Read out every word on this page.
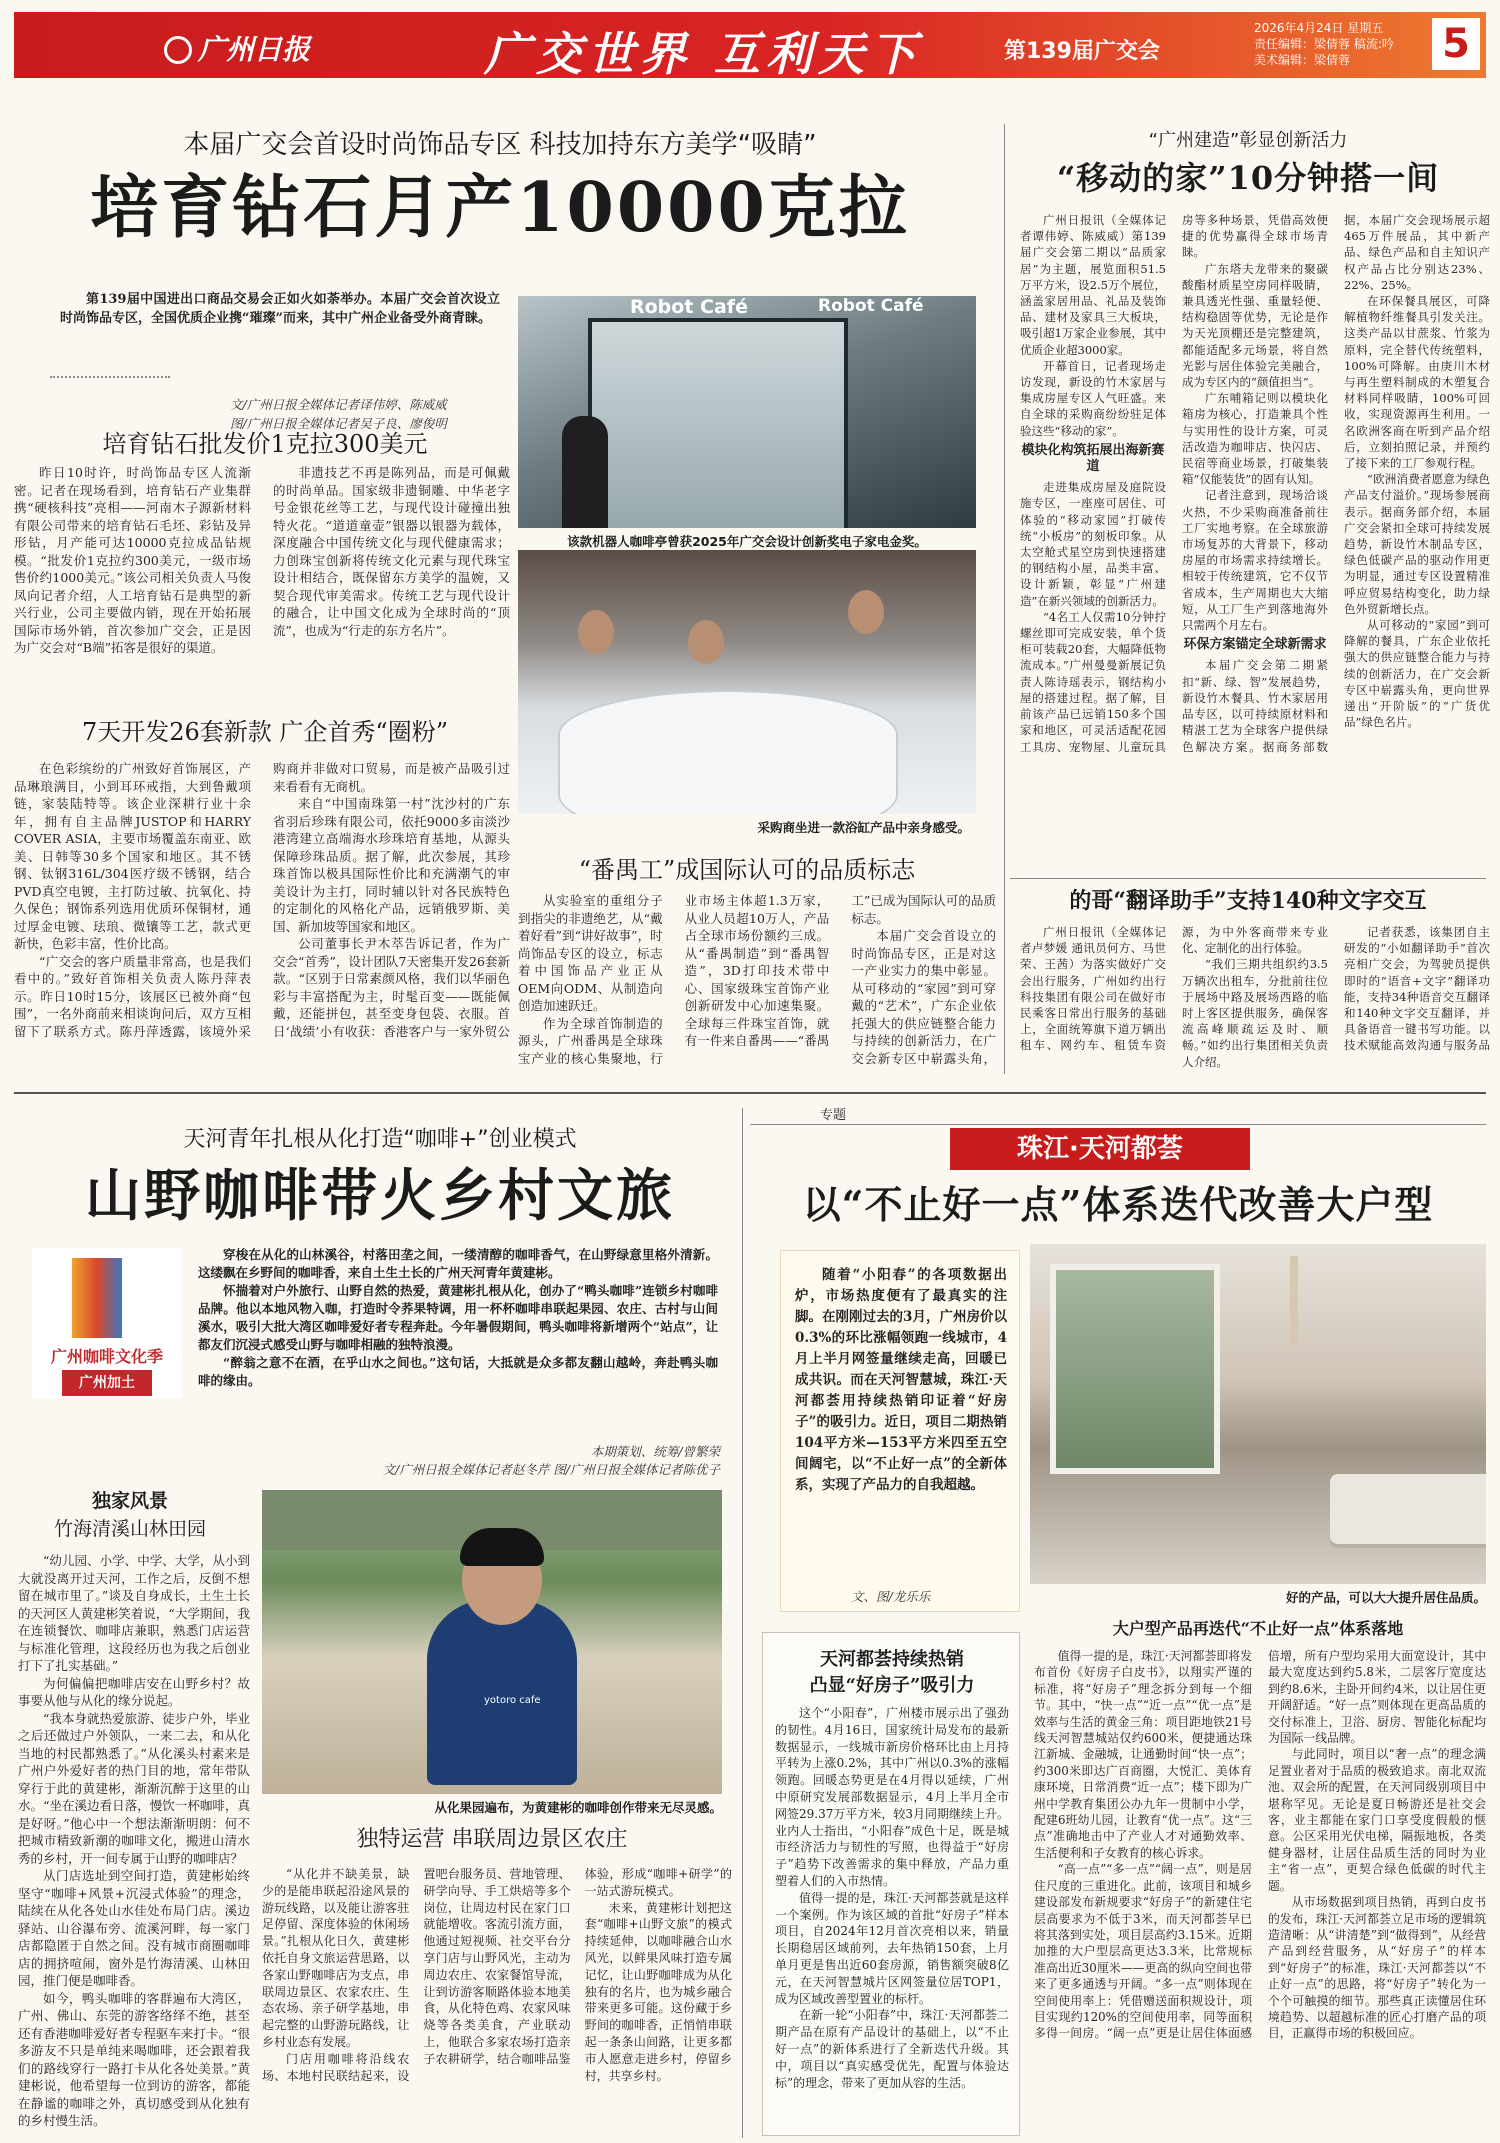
广州日报	广交世界 互利天下	第139届广交会
2026年4月24日 星期五
责任编辑：梁倩蓉 稿流:吟
美术编辑：梁倩蓉	5
本届广交会首设时尚饰品专区 科技加持东方美学“吸睛”
培育钻石月产10000克拉
第139届中国进出口商品交易会正如火如荼举办。本届广交会首次设立时尚饰品专区，全国优质企业携“璀璨”而来，其中广州企业备受外商青睐。
文/广州日报全媒体记者译伟婷、陈威威
图/广州日报全媒体记者吴子良、廖俊明
培育钻石批发价1克拉300美元

昨日10时许，时尚饰品专区人流渐密。记者在现场看到，培育钻石产业集群携“硬核科技”亮相——河南木子源新材料有限公司带来的培育钻石毛坯、彩钻及异形钻，月产能可达10000克拉成品钻规模。“批发价1克拉约300美元，一级市场售价约1000美元。”该公司相关负责人马俊凤向记者介绍，人工培育钻石是典型的新兴行业，公司主要做内销，现在开始拓展国际市场外销，首次参加广交会，正是因为广交会对“B端”拓客是很好的渠道。

非遗技艺不再是陈列品，而是可佩戴的时尚单品。国家级非遗铜雕、中华老字号金银花丝等工艺，与现代设计碰撞出独特火花。“道道童壶”银器以银器为载体，深度融合中国传统文化与现代健康需求；力创珠宝创新将传统文化元素与现代珠宝设计相结合，既保留东方美学的温婉，又契合现代审美需求。传统工艺与现代设计的融合，让中国文化成为全球时尚的“顶流”，也成为“行走的东方名片”。

7天开发26套新款 广企首秀“圈粉”

在色彩缤纷的广州致好首饰展区，产品琳琅满目，小到耳环戒指，大到鲁戴项链，家装陆特等。该企业深耕行业十余年，拥有自主品牌JUSTOP和HARRY COVER ASIA，主要市场覆盖东南亚、欧美、日韩等30多个国家和地区。其不锈钢、钛钢316L/304医疗级不锈钢，结合PVD真空电镀，主打防过敏、抗氧化、持久保色；钢饰系列选用优质环保铜材，通过厚金电镀、珐琅、微镶等工艺，款式更新快，色彩丰富，性价比高。

“广交会的客户质量非常高，也是我们看中的。”致好首饰相关负责人陈丹萍表示。昨日10时15分，该展区已被外商“包围”，一名外商前来相谈询问后，双方互相留下了联系方式。陈丹萍透露，该境外采购商并非做对口贸易，而是被产品吸引过来看看有无商机。

来自“中国南珠第一村”沈沙村的广东省羽后珍珠有限公司，依托9000多亩淡沙港湾建立高端海水珍珠培育基地，从源头保障珍珠品质。据了解，此次参展，其珍珠首饰以极具国际性价比和充满潮气的审美设计为主打，同时辅以针对各民族特色的定制化的风格化产品，远销俄罗斯、美国、新加坡等国家和地区。

公司董事长尹木萃告诉记者，作为广交会“首秀”，设计团队7天密集开发26套新款。“区别于日常素颜风格，我们以华丽色彩与丰富搭配为主，时髦百变——既能佩戴，还能拼包，甚至变身包袋、衣服。首日‘战绩’小有收获：香港客户与一家外贸公

Robot Café	Robot Café
该款机器人咖啡亭曾获2025年广交会设计创新奖电子家电金奖。
采购商坐进一款浴缸产品中亲身感受。
“番禺工”成国际认可的品质标志

从实验室的重组分子到指尖的非遗绝艺，从“戴着好看”到“讲好故事”，时尚饰品专区的设立，标志着中国饰品产业正从OEM向ODM、从制造向创造加速跃迁。

作为全球首饰制造的源头，广州番禺是全球珠宝产业的核心集聚地，行业市场主体超1.3万家，从业人员超10万人，产品占全球市场份额约三成。从“番禺制造”到“番禺智造”，3D打印技术带中心、国家级珠宝首饰产业创新研发中心加速集聚。全球每三件珠宝首饰，就有一件来自番禺——“番禺工”已成为国际认可的品质标志。

本届广交会首设立的时尚饰品专区，正是对这一产业实力的集中彰显。从可移动的“家园”到可穿戴的“艺术”，广东企业依托强大的供应链整合能力与持续的创新活力，在广交会新专区中崭露头角，

“广州建造”彰显创新活力
“移动的家”10分钟搭一间

广州日报讯（全媒体记者谭伟婷、陈威威）第139届广交会第二期以“品质家居”为主题，展览面积51.5万平方米，设2.5万个展位，涵盖家居用品、礼品及装饰品、建材及家具三大板块，吸引超1万家企业参展，其中优质企业超3000家。

开幕首日，记者现场走访发现，新设的竹木家居与集成房屋专区人气旺盛。来自全球的采购商纷纷驻足体验这些“移动的家”。

模块化构筑拓展出海新赛道

走进集成房屋及庭院设施专区，一座座可居住、可体验的“移动家园”打破传统“小板房”的刻板印象。从太空舱式星空房到快速搭建的钢结构小屋，品类丰富、设计新颖，彰显“广州建造”在新兴领域的创新活力。

“4名工人仅需10分钟拧螺丝即可完成安装，单个货柜可装载20套，大幅降低物流成本。”广州曼曼新展记负责人陈诗瑶表示，钢结构小屋的搭建过程。据了解，目前该产品已远销150多个国家和地区，可灵活适配花园工具房、宠物屋、儿童玩具房等多种场景，凭借高效便捷的优势赢得全球市场青睐。

广东塔夫龙带来的聚碳酸酯材质星空房同样吸睛，兼具透光性强、重量轻便、结构稳固等优势，无论是作为天光顶棚还是完整建筑，都能适配多元场景，将自然光影与居住体验完美融合，成为专区内的“颜值担当”。

广东哺箱记则以模块化箱房为核心，打造兼具个性与实用性的设计方案，可灵活改造为咖啡店、快闪店、民宿等商业场景，打破集装箱“仅能装货”的固有认知。

记者注意到，现场洽谈火热，不少采购商准备前往工厂实地考察。在全球旅游市场复苏的大背景下，移动房屋的市场需求持续增长。相较于传统建筑，它不仅节省成本，生产周期也大大缩短，从工厂生产到落地海外只需两个月左右。

环保方案锚定全球新需求

本届广交会第二期紧扣“新、绿、智”发展趋势，新设竹木餐具、竹木家居用品专区，以可持续原材料和精湛工艺为全球客户提供绿色解决方案。据商务部数据，本届广交会现场展示超465万件展品，其中新产品、绿色产品和自主知识产权产品占比分别达23%、22%、25%。

在环保餐具展区，可降解植物纤维餐具引发关注。这类产品以甘蔗浆、竹浆为原料，完全替代传统塑料，100%可降解。由庚川木材与再生塑料制成的木塑复合材料同样吸睛，100%可回收，实现资源再生利用。一名欧洲客商在听到产品介绍后，立刻拍照记录，并预约了接下来的工厂参观行程。

“欧洲消费者愿意为绿色产品支付溢价。”现场参展商表示。据商务部介绍，本届广交会紧扣全球可持续发展趋势，新设竹木制品专区，绿色低碳产品的驱动作用更为明显，通过专区设置精准呼应贸易结构变化，助力绿色外贸新增长点。

从可移动的“家园”到可降解的餐具，广东企业依托强大的供应链整合能力与持续的创新活力，在广交会新专区中崭露头角，更向世界递出“开阶版”的“广货优品”绿色名片。

的哥“翻译助手”支持140种文字交互

广州日报讯（全媒体记者卢梦媛 通讯员何方、马世荣、王茜）为落实做好广交会出行服务，广州如约出行科技集团有限公司在做好市民乘客日常出行服务的基础上，全面统筹旗下道万辆出租车、网约车、租赁车资源，为中外客商带来专业化、定制化的出行体验。

“我们三期共组织约3.5万辆次出租车，分批前往位于展场中路及展场西路的临时上客区提供服务，确保客流高峰顺疏运及时、顺畅。”如约出行集团相关负责人介绍。

记者获悉，该集团自主研发的“小如翻译助手”首次亮相广交会，为驾驶员提供即时的“语音+文字”翻译功能，支持34种语音交互翻译和140种文字交互翻译，并具备语音一键书写功能。以技术赋能高效沟通与服务品

天河青年扎根从化打造“咖啡+”创业模式
山野咖啡带火乡村文旅
广州咖啡文化季
广州加土

穿梭在从化的山林溪谷，村落田垄之间，一缕清醇的咖啡香气，在山野绿意里格外清新。这缕飘在乡野间的咖啡香，来自土生土长的广州天河青年黄建彬。

怀揣着对户外旅行、山野自然的热爱，黄建彬扎根从化，创办了“鸭头咖啡”连锁乡村咖啡品牌。他以本地风物入咖，打造时令荞果特调，用一杯杯咖啡串联起果园、农庄、古村与山间溪水，吸引大批大湾区咖啡爱好者专程奔赴。今年暑假期间，鸭头咖啡将新增两个“站点”，让都友们沉浸式感受山野与咖啡相融的独特浪漫。

“醉翁之意不在酒，在乎山水之间也。”这句话，大抵就是众多都友翻山越岭，奔赴鸭头咖啡的缘由。

本期策划、统筹/曾繁荣
文/广州日报全媒体记者赵冬芹 图/广州日报全媒体记者陈优子
独家风景
竹海清溪山林田园

“幼儿园、小学、中学、大学，从小到大就没离开过天河，工作之后，反倒不想留在城市里了。”谈及自身成长，土生土长的天河区人黄建彬笑着说，“大学期间，我在连锁餐饮、咖啡店兼职，熟悉门店运营与标准化管理，这段经历也为我之后创业打下了扎实基础。”

为何偏偏把咖啡店安在山野乡村？故事要从他与从化的缘分说起。

“我本身就热爱旅游、徒步户外，毕业之后还做过户外领队，一来二去，和从化当地的村民都熟悉了。”从化溪头村素来是广州户外爱好者的热门目的地，常年带队穿行于此的黄建彬，渐渐沉醉于这里的山水。“坐在溪边看日落，慢饮一杯咖啡，真是好呀。”他心中一个想法渐渐明朗：何不把城市精致新潮的咖啡文化，搬进山清水秀的乡村，开一间专属于山野的咖啡店？

从门店选址到空间打造，黄建彬始终坚守“咖啡+风景+沉浸式体验”的理念，陆续在从化各处山水佳处布局门店。溪边驿站、山谷瀑布旁、流溪河畔，每一家门店都隐匿于自然之间。没有城市商圈咖啡店的拥挤喧闹，窗外是竹海清溪、山林田园，推门便是咖啡香。

如今，鸭头咖啡的客群遍布大湾区，广州、佛山、东莞的游客络绎不绝，甚至还有香港咖啡爱好者专程驱车来打卡。“很多游友不只是单纯来喝咖啡，还会跟着我们的路线穿行一路打卡从化各处美景。”黄建彬说，他希望每一位到访的游客，都能在静谧的咖啡之外，真切感受到从化独有的乡村慢生活。

yotoro cafe
从化果园遍布，为黄建彬的咖啡创作带来无尽灵感。
独特运营 串联周边景区农庄

“从化并不缺美景，缺少的是能串联起沿途风景的游玩线路，以及能让游客驻足停留、深度体验的休闲场景。”扎根从化日久，黄建彬依托自身文旅运营思路，以各家山野咖啡店为支点，串联周边景区、农家农庄、生态农场、亲子研学基地，串起完整的山野游玩路线，让乡村业态有发展。

门店用咖啡将沿线农场、本地村民联结起来，设置吧台服务员、营地管理、研学向导、手工烘焙等多个岗位，让周边村民在家门口就能增收。客流引流方面，他通过短视频、社交平台分享门店与山野风光，主动为周边农庄、农家餐馆导流，让到访游客顺路体验本地美食，从化特色鸡、农家风味烧等各类美食，产业联动上，他联合多家农场打造亲子农耕研学，结合咖啡品鉴体验，形成“咖啡+研学”的一站式游玩模式。

未来，黄建彬计划把这套“咖啡+山野文旅”的模式持续延伸，以咖啡融合山水风光，以鲜果风味打造专属记忆，让山野咖啡成为从化独有的名片，也为城乡融合带来更多可能。这份藏于乡野间的咖啡香，正悄悄串联起一条条山间路，让更多都市人愿意走进乡村，停留乡村，共享乡村。

专题
珠江·天河都荟
以“不止好一点”体系迭代改善大户型
随着“小阳春”的各项数据出炉，市场热度便有了最真实的注脚。在刚刚过去的3月，广州房价以0.3%的环比涨幅领跑一线城市，4月上半月网签量继续走高，回暖已成共识。而在天河智慧城，珠江·天河都荟用持续热销印证着“好房子”的吸引力。近日，项目二期热销104平方米—153平方米四至五空间阔宅，以“不止好一点”的全新体系，实现了产品力的自我超越。
文、图/龙乐乐	好的产品，可以大大提升居住品质。
天河都荟持续热销
凸显“好房子”吸引力

这个“小阳春”，广州楼市展示出了强劲的韧性。4月16日，国家统计局发布的最新数据显示，一线城市新房价格环比由上月持平转为上涨0.2%，其中广州以0.3%的涨幅领跑。回暖态势更是在4月得以延续，广州中原研究发展部数据显示，4月上半月全市网签29.37万平方米，较3月同期继续上升。业内人士指出，“小阳春”成色十足，既是城市经济活力与韧性的写照，也得益于“好房子”趋势下改善需求的集中释放，产品力重塑着人们的入市热情。

值得一提的是，珠江·天河都荟就是这样一个案例。作为该区域的首批“好房子”样本项目，自2024年12月首次亮相以来，销量长期稳居区域前列，去年热销150套，上月单月更是售出近60套房源，销售额突破8亿元，在天河智慧城片区网签量位居TOP1，成为区域改善型置业的标杆。

在新一轮“小阳春”中，珠江·天河都荟二期产品在原有产品设计的基础上，以“不止好一点”的新体系进行了全新迭代升级。其中，项目以“真实感受优先，配置与体验达标”的理念，带来了更加从容的生活。

大户型产品再迭代“不止好一点”体系落地

值得一提的是，珠江·天河都荟即将发布首份《好房子白皮书》，以翔实严谨的标准，将“好房子”理念拆分到每一个细节。其中，“快一点”“近一点”“优一点”是效率与生活的黄金三角：项目距地铁21号线天河智慧城站仅约600米，便捷通达珠江新城、金融城，让通勤时间“快一点”；约300米即达广百商圈，大悦汇、美体育康环境，日常消费“近一点”；楼下即为广州中学教育集团公办九年一贯制中小学，配建6班幼儿园，让教育“优一点”。这“三点”准确地击中了产业人才对通勤效率、生活便利和子女教育的核心诉求。

“高一点”“多一点”“阔一点”，则是居住尺度的三重进化。此前，该项目和城乡建设部发布新规要求“好房子”的新建住宅层高要求为不低于3米，而天河都荟早已将其落到实处，项目层高约3.15米。近期加推的大户型层高更达3.3米，比常规标准高出近30厘米——更高的纵向空间也带来了更多通透与开阔。“多一点”则体现在空间使用率上：凭借赠送面积规设计，项目实现约120%的空间使用率，同等面积多得一间房。“阔一点”更是让居住体面感倍增，所有户型均采用大面宽设计，其中最大宽度达到约5.8米，二层客厅宽度达到约8.6米，主卧开间约4米，以让居住更开阔舒适。“好一点”则体现在更高品质的交付标准上，卫浴、厨房、智能化标配均为国际一线品牌。

与此同时，项目以“奢一点”的理念满足置业者对于品质的极致追求。南北双流池、双会所的配置，在天河同级别项目中堪称罕见。无论是夏日畅游还是社交会客，业主都能在家门口享受度假般的惬意。公区采用光伏电梯，隔振地板，各类健身器材，让居住品质生活的同时为业主“省一点”，更契合绿色低碳的时代主题。

从市场数据到项目热销，再到白皮书的发布，珠江·天河都荟立足市场的逻辑筑造清晰：从“讲清楚”到“做得到”，从经营产品到经营服务，从“好房子”的样本到“好房子”的标准，珠江·天河都荟以“不止好一点”的思路，将“好房子”转化为一个个可触摸的细节。那些真正读懂居住环境趋势、以超越标准的匠心打磨产品的项目，正赢得市场的积极回应。
